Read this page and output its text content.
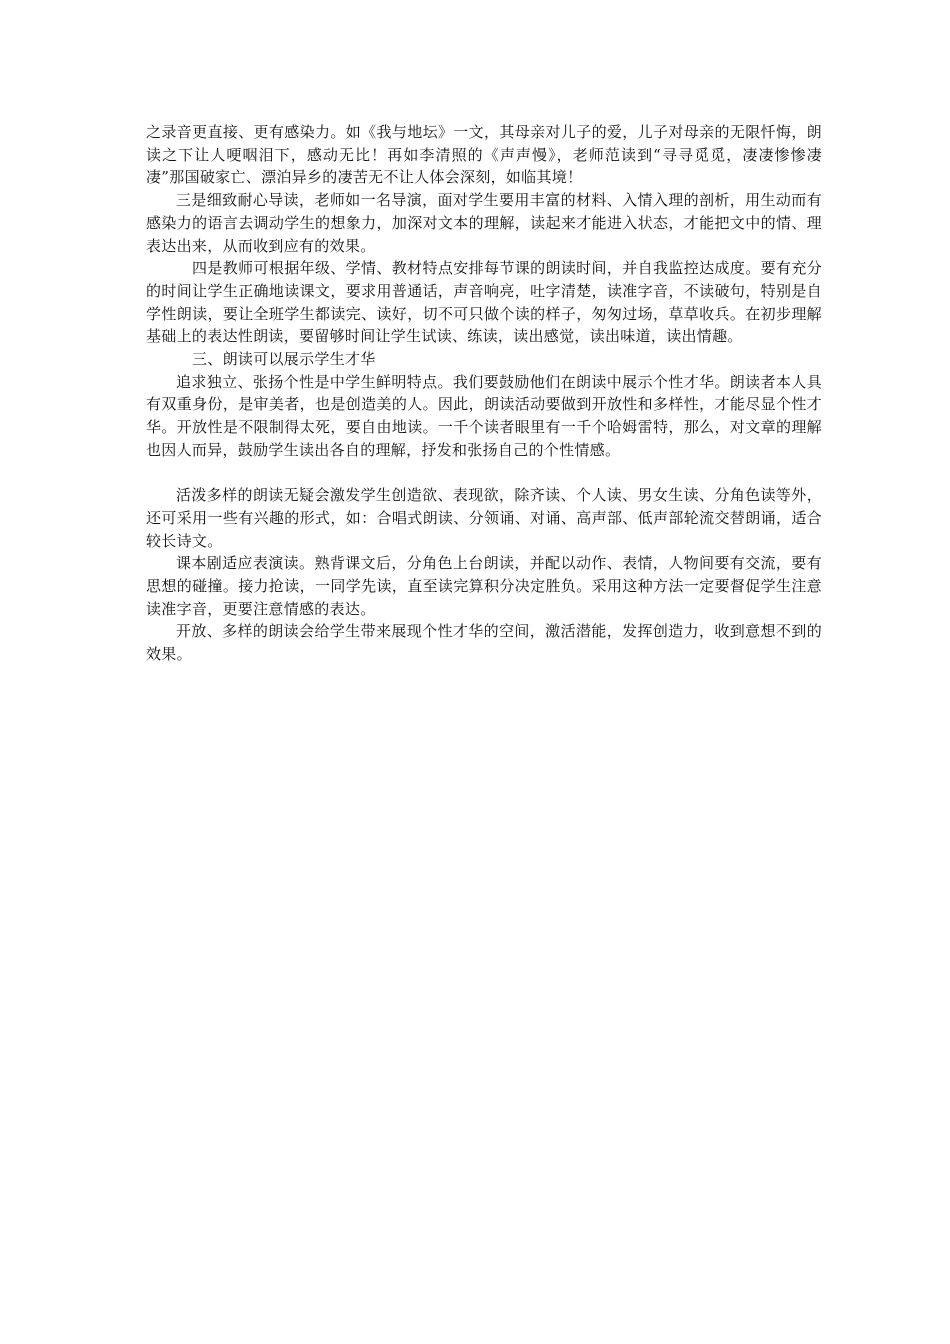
之录音更直接、更有感染力。如《我与地坛》一文，其母亲对儿子的爱，儿子对母亲的无限忏悔，朗读之下让人哽咽泪下，感动无比！再如李清照的《声声慢》，老师范读到“寻寻觅觅，凄凄惨惨凄凄”那国破家亡、漂泊异乡的凄苦无不让人体会深刻，如临其境！

三是细致耐心导读，老师如一名导演，面对学生要用丰富的材料、入情入理的剖析，用生动而有感染力的语言去调动学生的想象力，加深对文本的理解，读起来才能进入状态，才能把文中的情、理表达出来，从而收到应有的效果。

四是教师可根据年级、学情、教材特点安排每节课的朗读时间，并自我监控达成度。要有充分的时间让学生正确地读课文，要求用普通话，声音响亮，吐字清楚，读准字音，不读破句，特别是自学性朗读，要让全班学生都读完、读好，切不可只做个读的样子，匆匆过场，草草收兵。在初步理解基础上的表达性朗读，要留够时间让学生试读、练读，读出感觉，读出味道，读出情趣。

三、朗读可以展示学生才华

追求独立、张扬个性是中学生鲜明特点。我们要鼓励他们在朗读中展示个性才华。朗读者本人具有双重身份，是审美者，也是创造美的人。因此，朗读活动要做到开放性和多样性，才能尽显个性才华。开放性是不限制得太死，要自由地读。一千个读者眼里有一千个哈姆雷特，那么，对文章的理解也因人而异，鼓励学生读出各自的理解，抒发和张扬自己的个性情感。

活泼多样的朗读无疑会激发学生创造欲、表现欲，除齐读、个人读、男女生读、分角色读等外，还可采用一些有兴趣的形式，如：合唱式朗读、分领诵、对诵、高声部、低声部轮流交替朗诵，适合较长诗文。

课本剧适应表演读。熟背课文后，分角色上台朗读，并配以动作、表情，人物间要有交流，要有思想的碰撞。接力抢读，一同学先读，直至读完算积分决定胜负。采用这种方法一定要督促学生注意读准字音，更要注意情感的表达。

开放、多样的朗读会给学生带来展现个性才华的空间，激活潜能，发挥创造力，收到意想不到的效果。
